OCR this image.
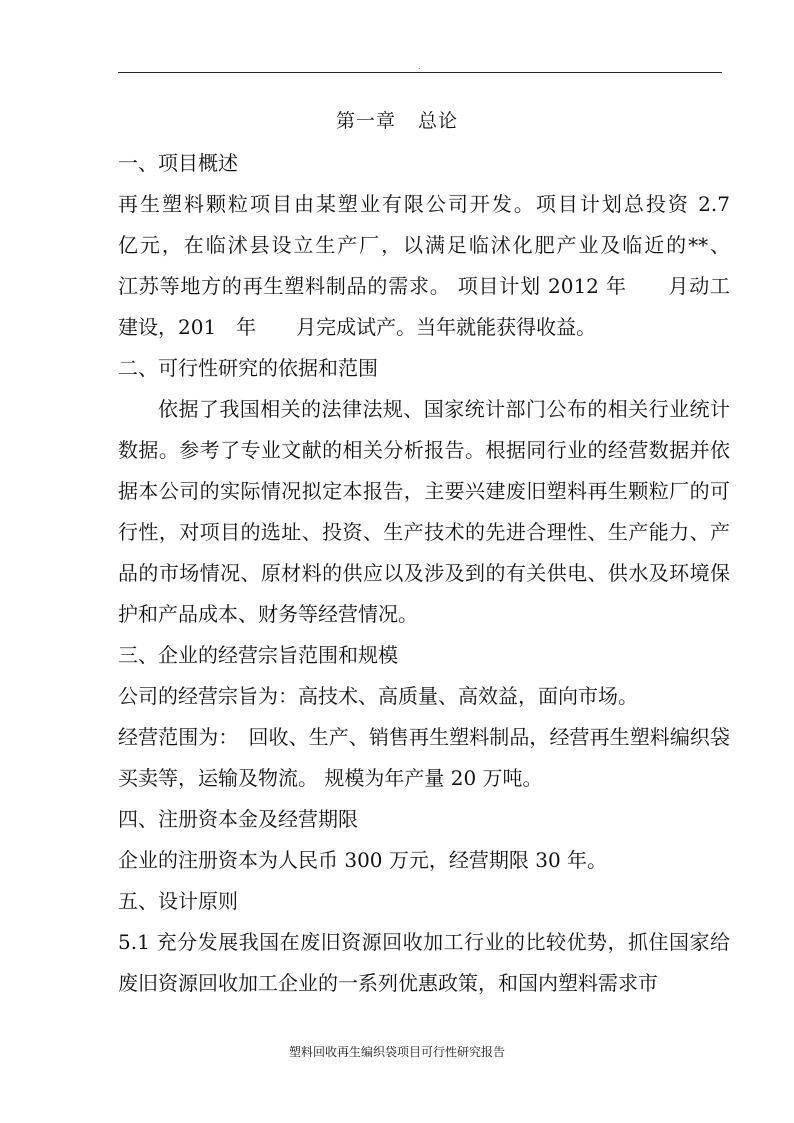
.
第一章 总论

一、项目概述

再生塑料颗粒项目由某塑业有限公司开发。项目计划总投资 2.7

亿元，在临沭县设立生产厂，以满足临沭化肥产业及临近的**、

江苏等地方的再生塑料制品的需求。 项目计划 2012 年　　月动工

建设，201　年　　月完成试产。当年就能获得收益。

二、可行性研究的依据和范围

依据了我国相关的法律法规、国家统计部门公布的相关行业统计数据。参考了专业文献的相关分析报告。根据同行业的经营数据并依据本公司的实际情况拟定本报告，主要兴建废旧塑料再生颗粒厂的可行性，对项目的选址、投资、生产技术的先进合理性、生产能力、产品的市场情况、原材料的供应以及涉及到的有关供电、供水及环境保护和产品成本、财务等经营情况。

三、企业的经营宗旨范围和规模

公司的经营宗旨为：高技术、高质量、高效益，面向市场。

经营范围为：　回收、生产、销售再生塑料制品，经营再生塑料编织袋买卖等，运输及物流。 规模为年产量 20 万吨。

四、注册资本金及经营期限

企业的注册资本为人民币 300 万元，经营期限 30 年。

五、设计原则

5.1 充分发展我国在废旧资源回收加工行业的比较优势，抓住国家给废旧资源回收加工企业的一系列优惠政策，和国内塑料需求市

塑料回收再生编织袋项目可行性研究报告
